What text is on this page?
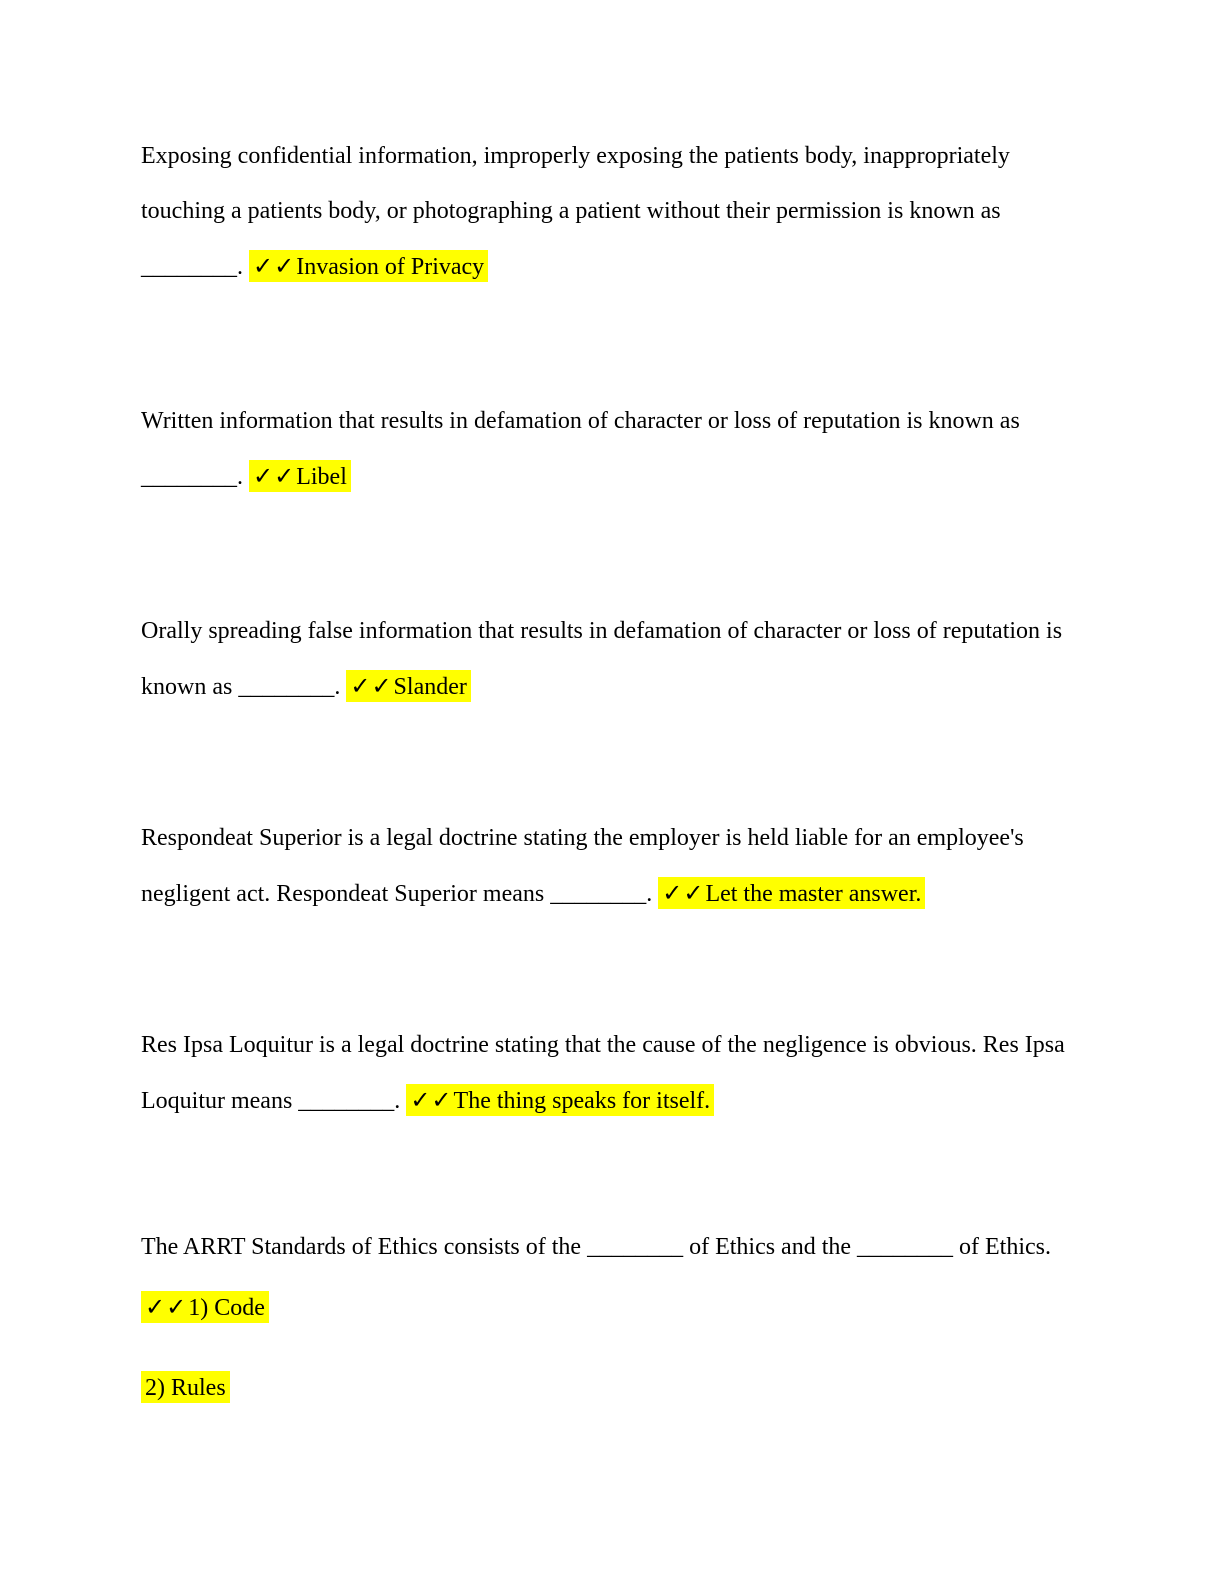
Exposing confidential information, improperly exposing the patients body, inappropriately
touching a patients body, or photographing a patient without their permission is known as
________. ✓✓Invasion of Privacy
Written information that results in defamation of character or loss of reputation is known as
________. ✓✓Libel
Orally spreading false information that results in defamation of character or loss of reputation is
known as ________. ✓✓Slander
Respondeat Superior is a legal doctrine stating the employer is held liable for an employee's
negligent act. Respondeat Superior means ________. ✓✓Let the master answer.
Res Ipsa Loquitur is a legal doctrine stating that the cause of the negligence is obvious. Res Ipsa
Loquitur means ________. ✓✓The thing speaks for itself.
The ARRT Standards of Ethics consists of the ________ of Ethics and the ________ of Ethics.
✓✓1) Code
2) Rules
